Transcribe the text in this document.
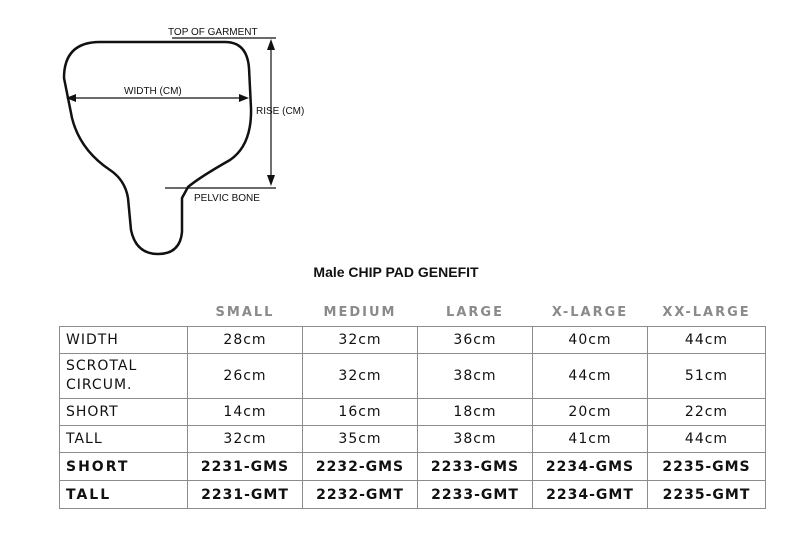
TOP OF GARMENT
WIDTH (CM)
RISE (CM)
PELVIC BONE
Male CHIP PAD GENEFIT
	SMALL	MEDIUM	LARGE	X-LARGE	XX-LARGE
WIDTH	28cm	32cm	36cm	40cm	44cm
SCROTAL CIRCUM.	26cm	32cm	38cm	44cm	51cm
SHORT	14cm	16cm	18cm	20cm	22cm
TALL	32cm	35cm	38cm	41cm	44cm
SHORT	2231-GMS	2232-GMS	2233-GMS	2234-GMS	2235-GMS
TALL	2231-GMT	2232-GMT	2233-GMT	2234-GMT	2235-GMT
